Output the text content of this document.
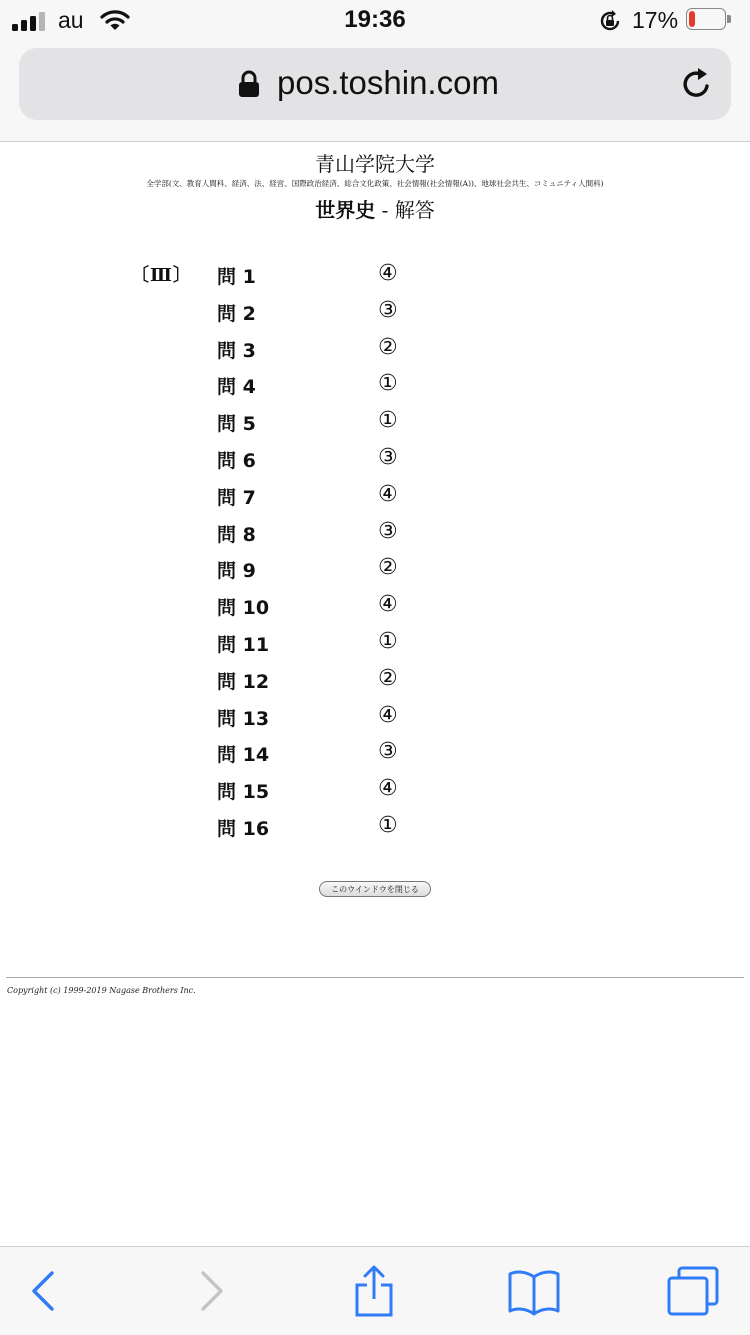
au	19:36	17%
pos.toshin.com
青山学院大学
全学部(文、教育人間科、経済、法、経営、国際政治経済、総合文化政策、社会情報(社会情報(A))、地球社会共生、コミュニティ人間科)
世界史 - 解答
〔Ⅲ〕 問 1	④
問 2	③
問 3	②
問 4	①
問 5	①
問 6	③
問 7	④
問 8	③
問 9	②
問 10	④
問 11	①
問 12	②
問 13	④
問 14	③
問 15	④
問 16	①
このウインドウを閉じる
Copyright (c) 1999-2019 Nagase Brothers Inc.
